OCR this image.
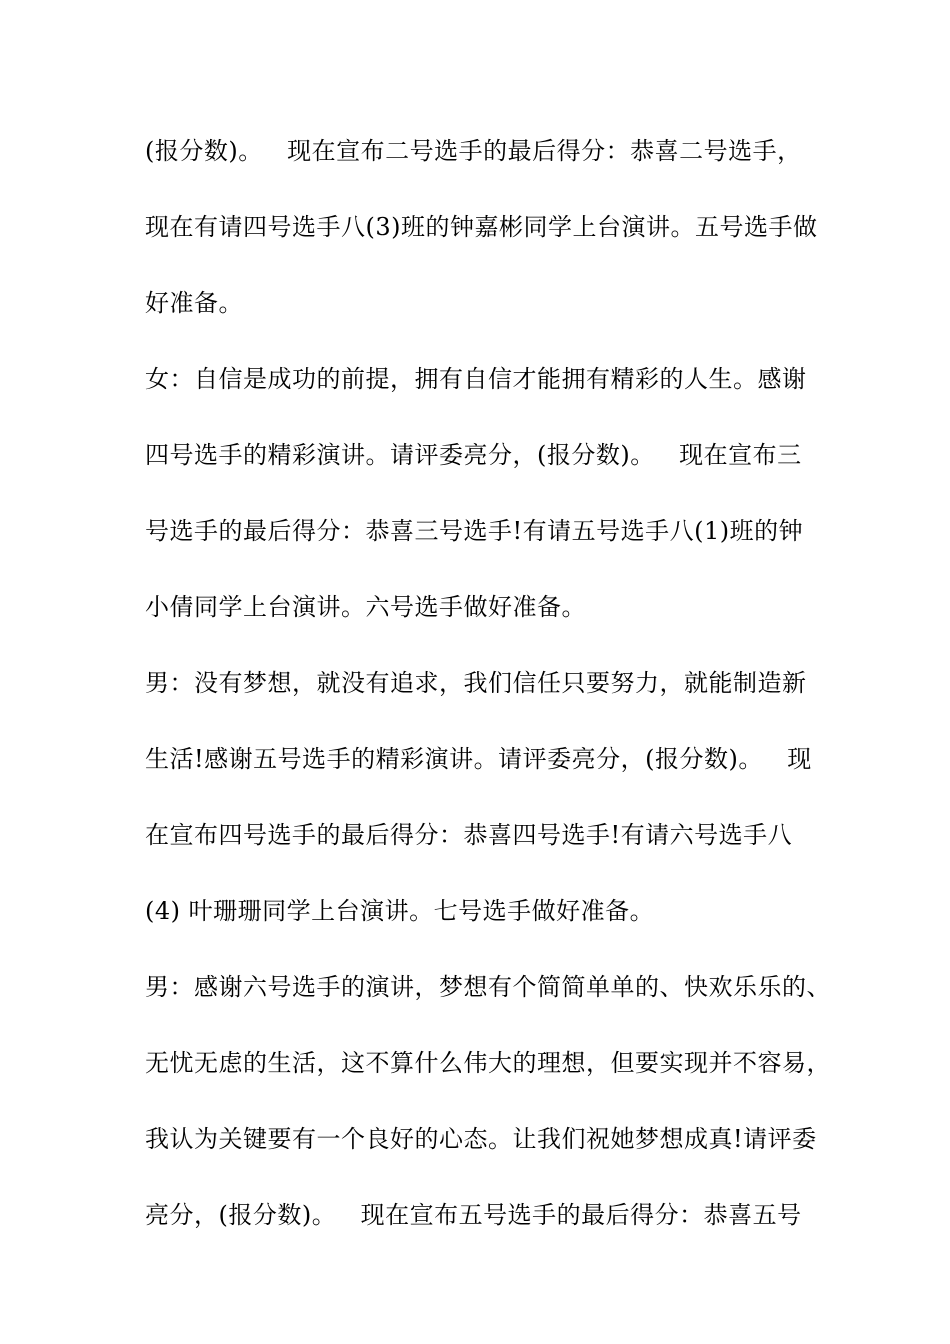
(报分数)。   现在宣布二号选手的最后得分：恭喜二号选手，
现在有请四号选手八(3)班的钟嘉彬同学上台演讲。五号选手做
好准备。
女：自信是成功的前提，拥有自信才能拥有精彩的人生。感谢
四号选手的精彩演讲。请评委亮分，(报分数)。   现在宣布三
号选手的最后得分：恭喜三号选手!有请五号选手八(1)班的钟
小倩同学上台演讲。六号选手做好准备。
男：没有梦想，就没有追求，我们信任只要努力，就能制造新
生活!感谢五号选手的精彩演讲。请评委亮分，(报分数)。   现
在宣布四号选手的最后得分：恭喜四号选手!有请六号选手八
(4) 叶珊珊同学上台演讲。七号选手做好准备。
男：感谢六号选手的演讲，梦想有个简简单单的、快欢乐乐的、
无忧无虑的生活，这不算什么伟大的理想，但要实现并不容易，
我认为关键要有一个良好的心态。让我们祝她梦想成真!请评委
亮分，(报分数)。   现在宣布五号选手的最后得分：恭喜五号
